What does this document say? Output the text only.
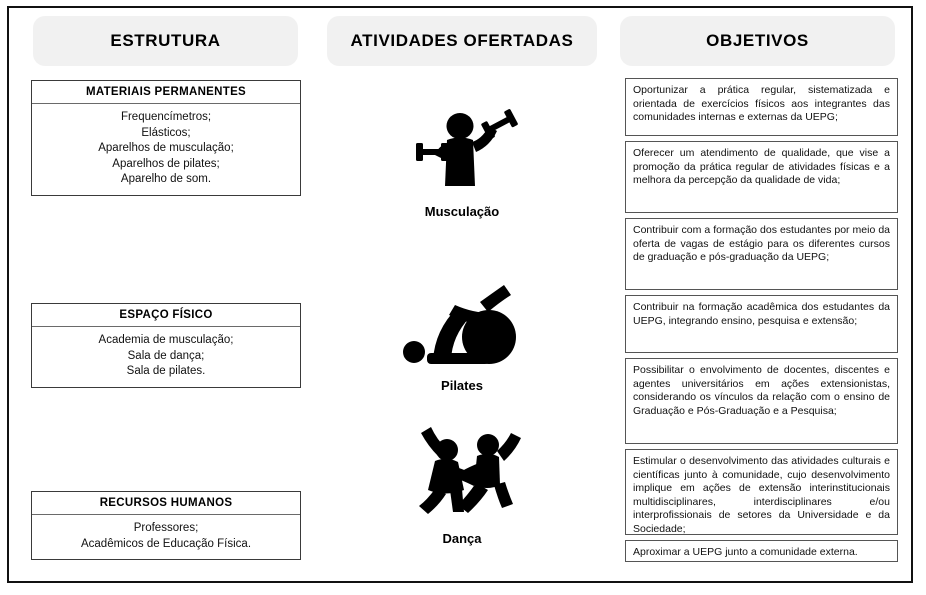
ESTRUTURA	ATIVIDADES OFERTADAS	OBJETIVOS
MATERIAIS PERMANENTES
Frequencímetros;
Elásticos;
Aparelhos de musculação;
Aparelhos de pilates;
Aparelho de som.
ESPAÇO FÍSICO
Academia de musculação;
Sala de dança;
Sala de pilates.
RECURSOS HUMANOS
Professores;
Acadêmicos de Educação Física.
Musculação
Pilates
Dança
Oportunizar a prática regular, sistematizada e orientada de exercícios físicos aos integrantes das comunidades internas e externas da UEPG;
Oferecer um atendimento de qualidade, que vise a promoção da prática regular de atividades físicas e a melhora da percepção da qualidade de vida;
Contribuir com a formação dos estudantes por meio da oferta de vagas de estágio para os diferentes cursos de graduação e pós-graduação da UEPG;
Contribuir na formação acadêmica dos estudantes da UEPG, integrando ensino, pesquisa e extensão;
Possibilitar o envolvimento de docentes, discentes e agentes universitários em ações extensionistas, considerando os vínculos da relação com o ensino de Graduação e Pós-Graduação e a Pesquisa;
Estimular o desenvolvimento das atividades culturais e científicas junto à comunidade, cujo desenvolvimento implique em ações de extensão interinstitucionais multidisciplinares, interdisciplinares e/ou interprofissionais de setores da Universidade e da Sociedade;
Aproximar a UEPG junto a comunidade externa.
